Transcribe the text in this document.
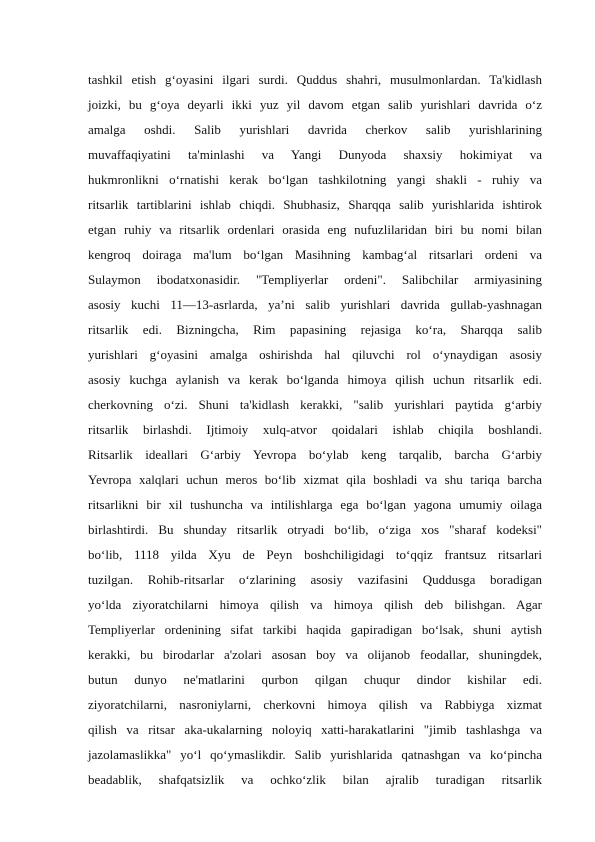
tashkil etish g‘oyasini ilgari surdi. Quddus shahri, musulmonlardan. Ta'kidlash
joizki, bu g‘oya deyarli ikki yuz yil davom etgan salib yurishlari davrida o‘z
amalga oshdi. Salib yurishlari davrida cherkov salib yurishlarining
muvaffaqiyatini ta'minlashi va Yangi Dunyoda shaxsiy hokimiyat va
hukmronlikni o‘rnatishi kerak bo‘lgan tashkilotning yangi shakli - ruhiy va
ritsarlik tartiblarini ishlab chiqdi. Shubhasiz, Sharqqa salib yurishlarida ishtirok
etgan ruhiy va ritsarlik ordenlari orasida eng nufuzlilaridan biri bu nomi bilan
kengroq doiraga ma'lum bo‘lgan Masihning kambag‘al ritsarlari ordeni va
Sulaymon ibodatxonasidir. "Templiyerlar ordeni". Salibchilar armiyasining
asosiy kuchi 11—13-asrlarda, ya’ni salib yurishlari davrida gullab-yashnagan
ritsarlik edi. Bizningcha, Rim papasining rejasiga ko‘ra, Sharqqa salib
yurishlari g‘oyasini amalga oshirishda hal qiluvchi rol o‘ynaydigan asosiy
asosiy kuchga aylanish va kerak bo‘lganda himoya qilish uchun ritsarlik edi.
cherkovning o‘zi. Shuni ta'kidlash kerakki, "salib yurishlari paytida g‘arbiy
ritsarlik birlashdi. Ijtimoiy xulq-atvor qoidalari ishlab chiqila boshlandi.
Ritsarlik ideallari G‘arbiy Yevropa bo‘ylab keng tarqalib, barcha G‘arbiy
Yevropa xalqlari uchun meros bo‘lib xizmat qila boshladi va shu tariqa barcha
ritsarlikni bir xil tushuncha va intilishlarga ega bo‘lgan yagona umumiy oilaga
birlashtirdi. Bu shunday ritsarlik otryadi bo‘lib, o‘ziga xos "sharaf kodeksi"
bo‘lib, 1118 yilda Xyu de Peyn boshchiligidagi to‘qqiz frantsuz ritsarlari
tuzilgan. Rohib-ritsarlar o‘zlarining asosiy vazifasini Quddusga boradigan
yo‘lda ziyoratchilarni himoya qilish va himoya qilish deb bilishgan. Agar
Templiyerlar ordenining sifat tarkibi haqida gapiradigan bo‘lsak, shuni aytish
kerakki, bu birodarlar a'zolari asosan boy va olijanob feodallar, shuningdek,
butun dunyo ne'matlarini qurbon qilgan chuqur dindor kishilar edi.
ziyoratchilarni, nasroniylarni, cherkovni himoya qilish va Rabbiyga xizmat
qilish va ritsar aka-ukalarning noloyiq xatti-harakatlarini "jimib tashlashga va
jazolamaslikka" yo‘l qo‘ymaslikdir. Salib yurishlarida qatnashgan va ko‘pincha
beadablik, shafqatsizlik va ochko‘zlik bilan ajralib turadigan ritsarlik
